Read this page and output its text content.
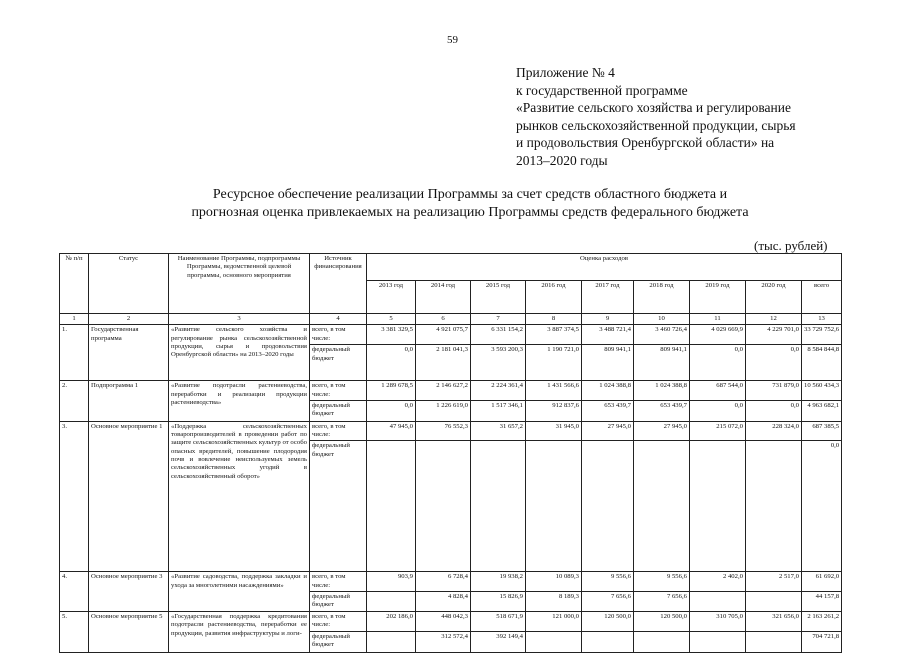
59
Приложение № 4
к государственной программе
«Развитие сельского хозяйства и регулирование
рынков сельскохозяйственной продукции, сырья
и продовольствия Оренбургской области» на
2013–2020 годы
Ресурсное обеспечение реализации Программы за счет средств областного бюджета и
прогнозная оценка привлекаемых на реализацию Программы средств федерального бюджета
(тыс. рублей)
№ п/п	Статус	Наименование Программы, подпрограммы Программы, ведомственной целевой программы, основного мероприятия	Источник финансирования	Оценка расходов								
				2013 год	2014 год	2015 год	2016 год	2017 год	2018 год	2019 год	2020 год	всего
1	2	3	4	5	6	7	8	9	10	11	12	13
1.	Государственная программа	«Развитие сельского хозяйства и регулирование рынка сельскохозяйственной продукции, сырья и продовольствия Оренбургской области» на 2013–2020 годы	всего, в том числе:	3 381 329,5	4 921 075,7	6 331 154,2	3 887 374,5	3 488 721,4	3 460 726,4	4 029 669,9	4 229 701,0	33 729 752,6
			федеральный бюджет	0,0	2 181 041,3	3 593 200,3	1 190 721,0	809 941,1	809 941,1	0,0	0,0	8 584 844,8
2.	Подпрограмма 1	«Развитие подотрасли растениеводства, переработки и реализации продукции растениеводства»	всего, в том числе:	1 289 678,5	2 146 627,2	2 224 361,4	1 431 566,6	1 024 388,8	1 024 388,8	687 544,0	731 879,0	10 560 434,3
			федеральный бюджет	0,0	1 226 619,0	1 517 346,1	912 837,6	653 439,7	653 439,7	0,0	0,0	4 963 682,1
3.	Основное мероприятие 1	«Поддержка сельскохозяйственных товаропроизводителей в проведении работ по защите сельскохозяйственных культур от особо опасных вредителей, повышение плодородия почв и вовлечение неиспользуемых земель сельскохозяйственных угодий в сельскохозяйственный оборот»	всего, в том числе:	47 945,0	76 552,3	31 657,2	31 945,0	27 945,0	27 945,0	215 072,0	228 324,0	687 385,5
			федеральный бюджет									0,0
4.	Основное мероприятие 3	«Развитие садоводства, поддержка закладки и ухода за многолетними насаждениями»	всего, в том числе:	903,9	6 728,4	19 938,2	10 089,3	9 556,6	9 556,6	2 402,0	2 517,0	61 692,0
			федеральный бюджет		4 828,4	15 826,9	8 189,3	7 656,6	7 656,6			44 157,8
5.	Основное мероприятие 5	«Государственная поддержка кредитования подотрасли растениеводства, переработки ее продукции, развития инфраструктуры и логи-	всего, в том числе:	202 186,0	448 042,3	518 671,9	121 000,0	120 500,0	120 500,0	310 705,0	321 656,0	2 163 261,2
			федеральный бюджет		312 572,4	392 149,4						704 721,8
